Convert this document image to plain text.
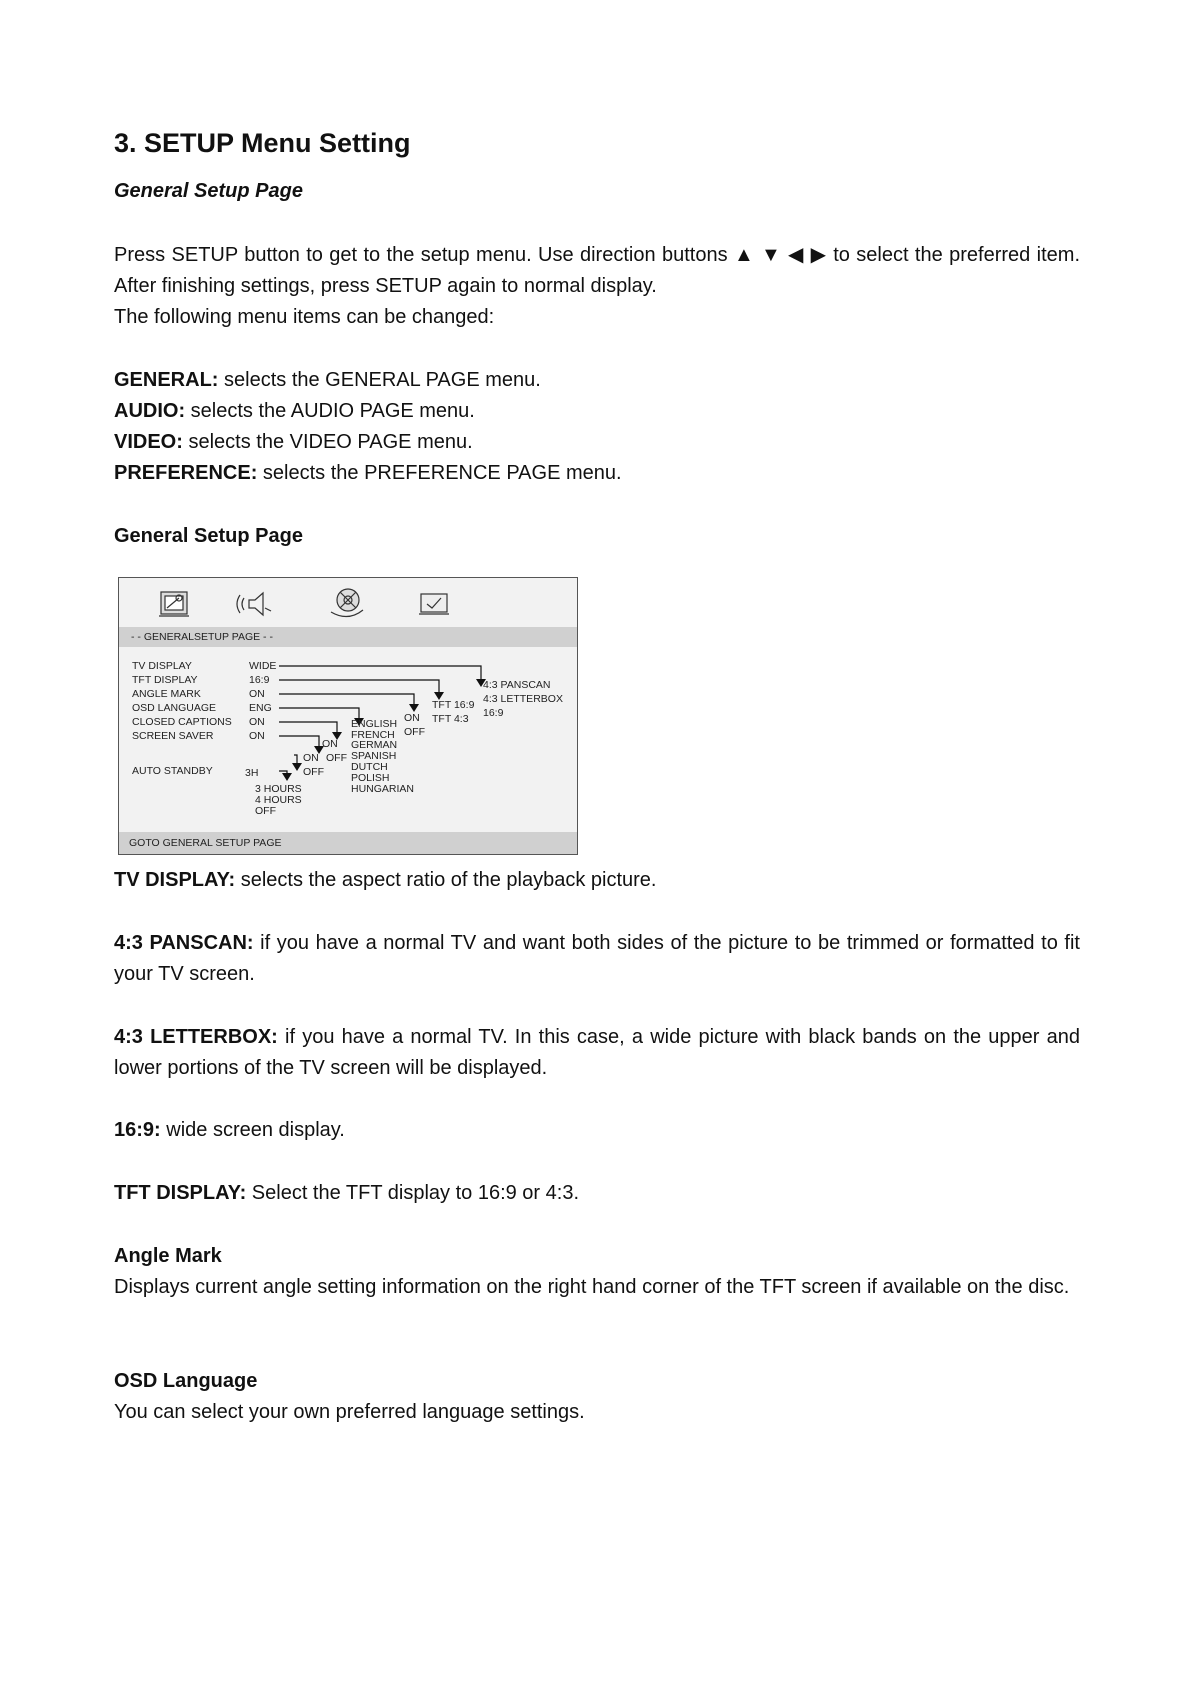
3. SETUP Menu Setting
General Setup Page
Press SETUP button to get to the setup menu. Use direction buttons ▲ ▼ ◀ ▶ to select the preferred item. After finishing settings, press SETUP again to normal display.
The following menu items can be changed:
GENERAL: selects the GENERAL PAGE menu.
AUDIO: selects the AUDIO PAGE menu.
VIDEO: selects the VIDEO PAGE menu.
PREFERENCE: selects the PREFERENCE PAGE menu.
General Setup Page
- - GENERALSETUP PAGE - -
TV DISPLAY	WIDE
TFT DISPLAY	16:9
ANGLE MARK	ON
OSD LANGUAGE	ENG
CLOSED CAPTIONS ON
SCREEN SAVER	ON
AUTO STANDBY	3H
4:3 PANSCAN
4:3 LETTERBOX
16:9
TFT 16:9
TFT 4:3
ON
OFF
ENGLISH
FRENCH
GERMAN
SPANISH
DUTCH
POLISH
HUNGARIAN
ON
ON OFF
OFF
3 HOURS
4 HOURS
OFF
GOTO GENERAL SETUP PAGE
TV DISPLAY: selects the aspect ratio of the playback picture.
4:3 PANSCAN: if you have a normal TV and want both sides of the picture to be trimmed or formatted to fit your TV screen.
4:3 LETTERBOX: if you have a normal TV. In this case, a wide picture with black bands on the upper and lower portions of the TV screen will be displayed.
16:9: wide screen display.
TFT DISPLAY: Select the TFT display to 16:9 or 4:3.
Angle Mark
Displays current angle setting information on the right hand corner of the TFT screen if available on the disc.
OSD Language
You can select your own preferred language settings.
